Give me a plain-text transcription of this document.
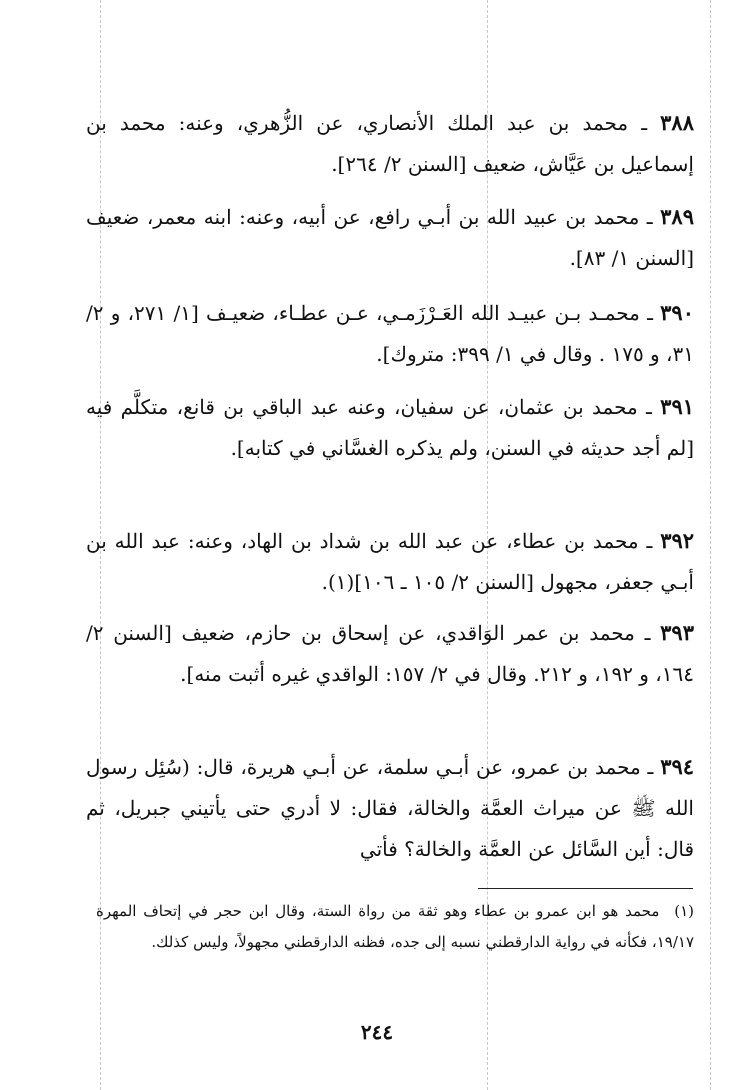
٣٨٨ ـ محمد بن عبد الملك الأنصاري، عن الزُّهري، وعنه: محمد بن إسماعيل بن عَيَّاش، ضعيف [السنن ٢/ ٢٦٤].
٣٨٩ ـ محمد بن عبيد الله بن أبـي رافع، عن أبيه، وعنه: ابنه معمر، ضعيف [السنن ١/ ٨٣].
٣٩٠ ـ محمـد بـن عبيـد الله العَـرْزَمـي، عـن عطـاء، ضعيـف [١/ ٢٧١، و ٢/ ٣١، و ١٧٥ . وقال في ١/ ٣٩٩: متروك].
٣٩١ ـ محمد بن عثمان، عن سفيان، وعنه عبد الباقي بن قانع، متكلَّم فيه [لم أجد حديثه في السنن، ولم يذكره الغسَّاني في كتابه].
٣٩٢ ـ محمد بن عطاء، عن عبد الله بن شداد بن الهاد، وعنه: عبد الله بن أبـي جعفر، مجهول [السنن ٢/ ١٠٥ ـ ١٠٦](١).
٣٩٣ ـ محمد بن عمر الوَاقدي، عن إسحاق بن حازم، ضعيف [السنن ٢/ ١٦٤، و ١٩٢، و ٢١٢. وقال في ٢/ ١٥٧: الواقدي غيره أثبت منه].
٣٩٤ ـ محمد بن عمرو، عن أبـي سلمة، عن أبـي هريرة، قال: (سُئِل رسول الله ﷺ عن ميراث العمَّة والخالة، فقال: لا أدري حتى يأتيني جبريل، ثم قال: أين السَّائل عن العمَّة والخالة؟ فأتي
(١) محمد هو ابن عمرو بن عطاء وهو ثقة من رواة الستة، وقال ابن حجر في إتحاف المهرة ١٩/١٧، فكأنه في رواية الدارقطني نسبه إلى جده، فظنه الدارقطني مجهولاً، وليس كذلك.
٢٤٤
